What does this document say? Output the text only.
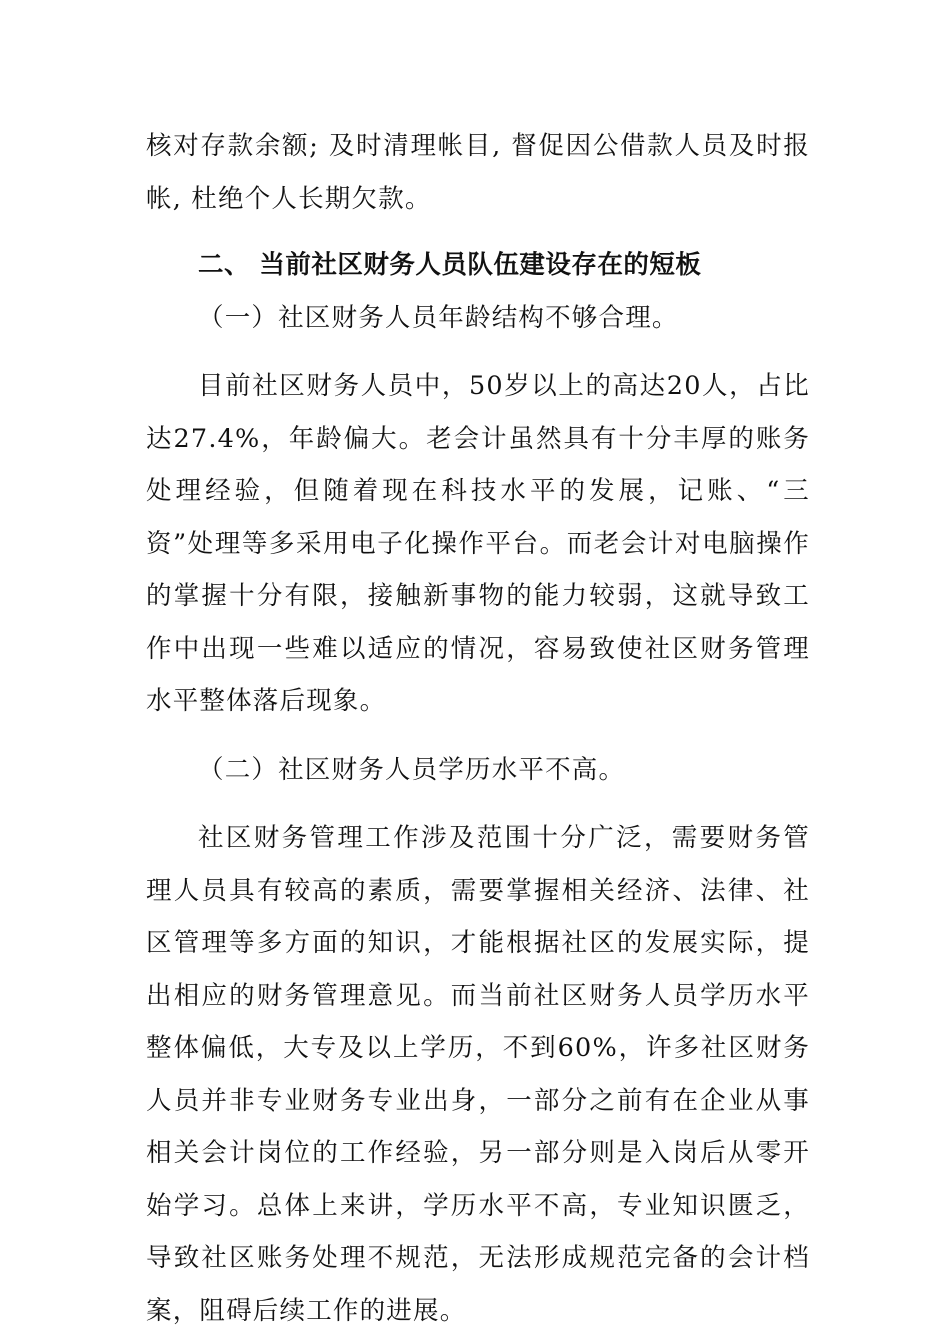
核对存款余额; 及时清理帐目, 督促因公借款人员及时报帐, 杜绝个人长期欠款。

二、 当前社区财务人员队伍建设存在的短板

（一）社区财务人员年龄结构不够合理。

目前社区财务人员中，50岁以上的高达20人，占比达27.4%，年龄偏大。老会计虽然具有十分丰厚的账务处理经验，但随着现在科技水平的发展，记账、“三资”处理等多采用电子化操作平台。而老会计对电脑操作的掌握十分有限，接触新事物的能力较弱，这就导致工作中出现一些难以适应的情况，容易致使社区财务管理水平整体落后现象。

（二）社区财务人员学历水平不高。

社区财务管理工作涉及范围十分广泛，需要财务管理人员具有较高的素质，需要掌握相关经济、法律、社区管理等多方面的知识，才能根据社区的发展实际，提出相应的财务管理意见。而当前社区财务人员学历水平整体偏低，大专及以上学历，不到60%，许多社区财务人员并非专业财务专业出身，一部分之前有在企业从事相关会计岗位的工作经验，另一部分则是入岗后从零开始学习。总体上来讲，学历水平不高，专业知识匮乏，导致社区账务处理不规范，无法形成规范完备的会计档案，阻碍后续工作的进展。
